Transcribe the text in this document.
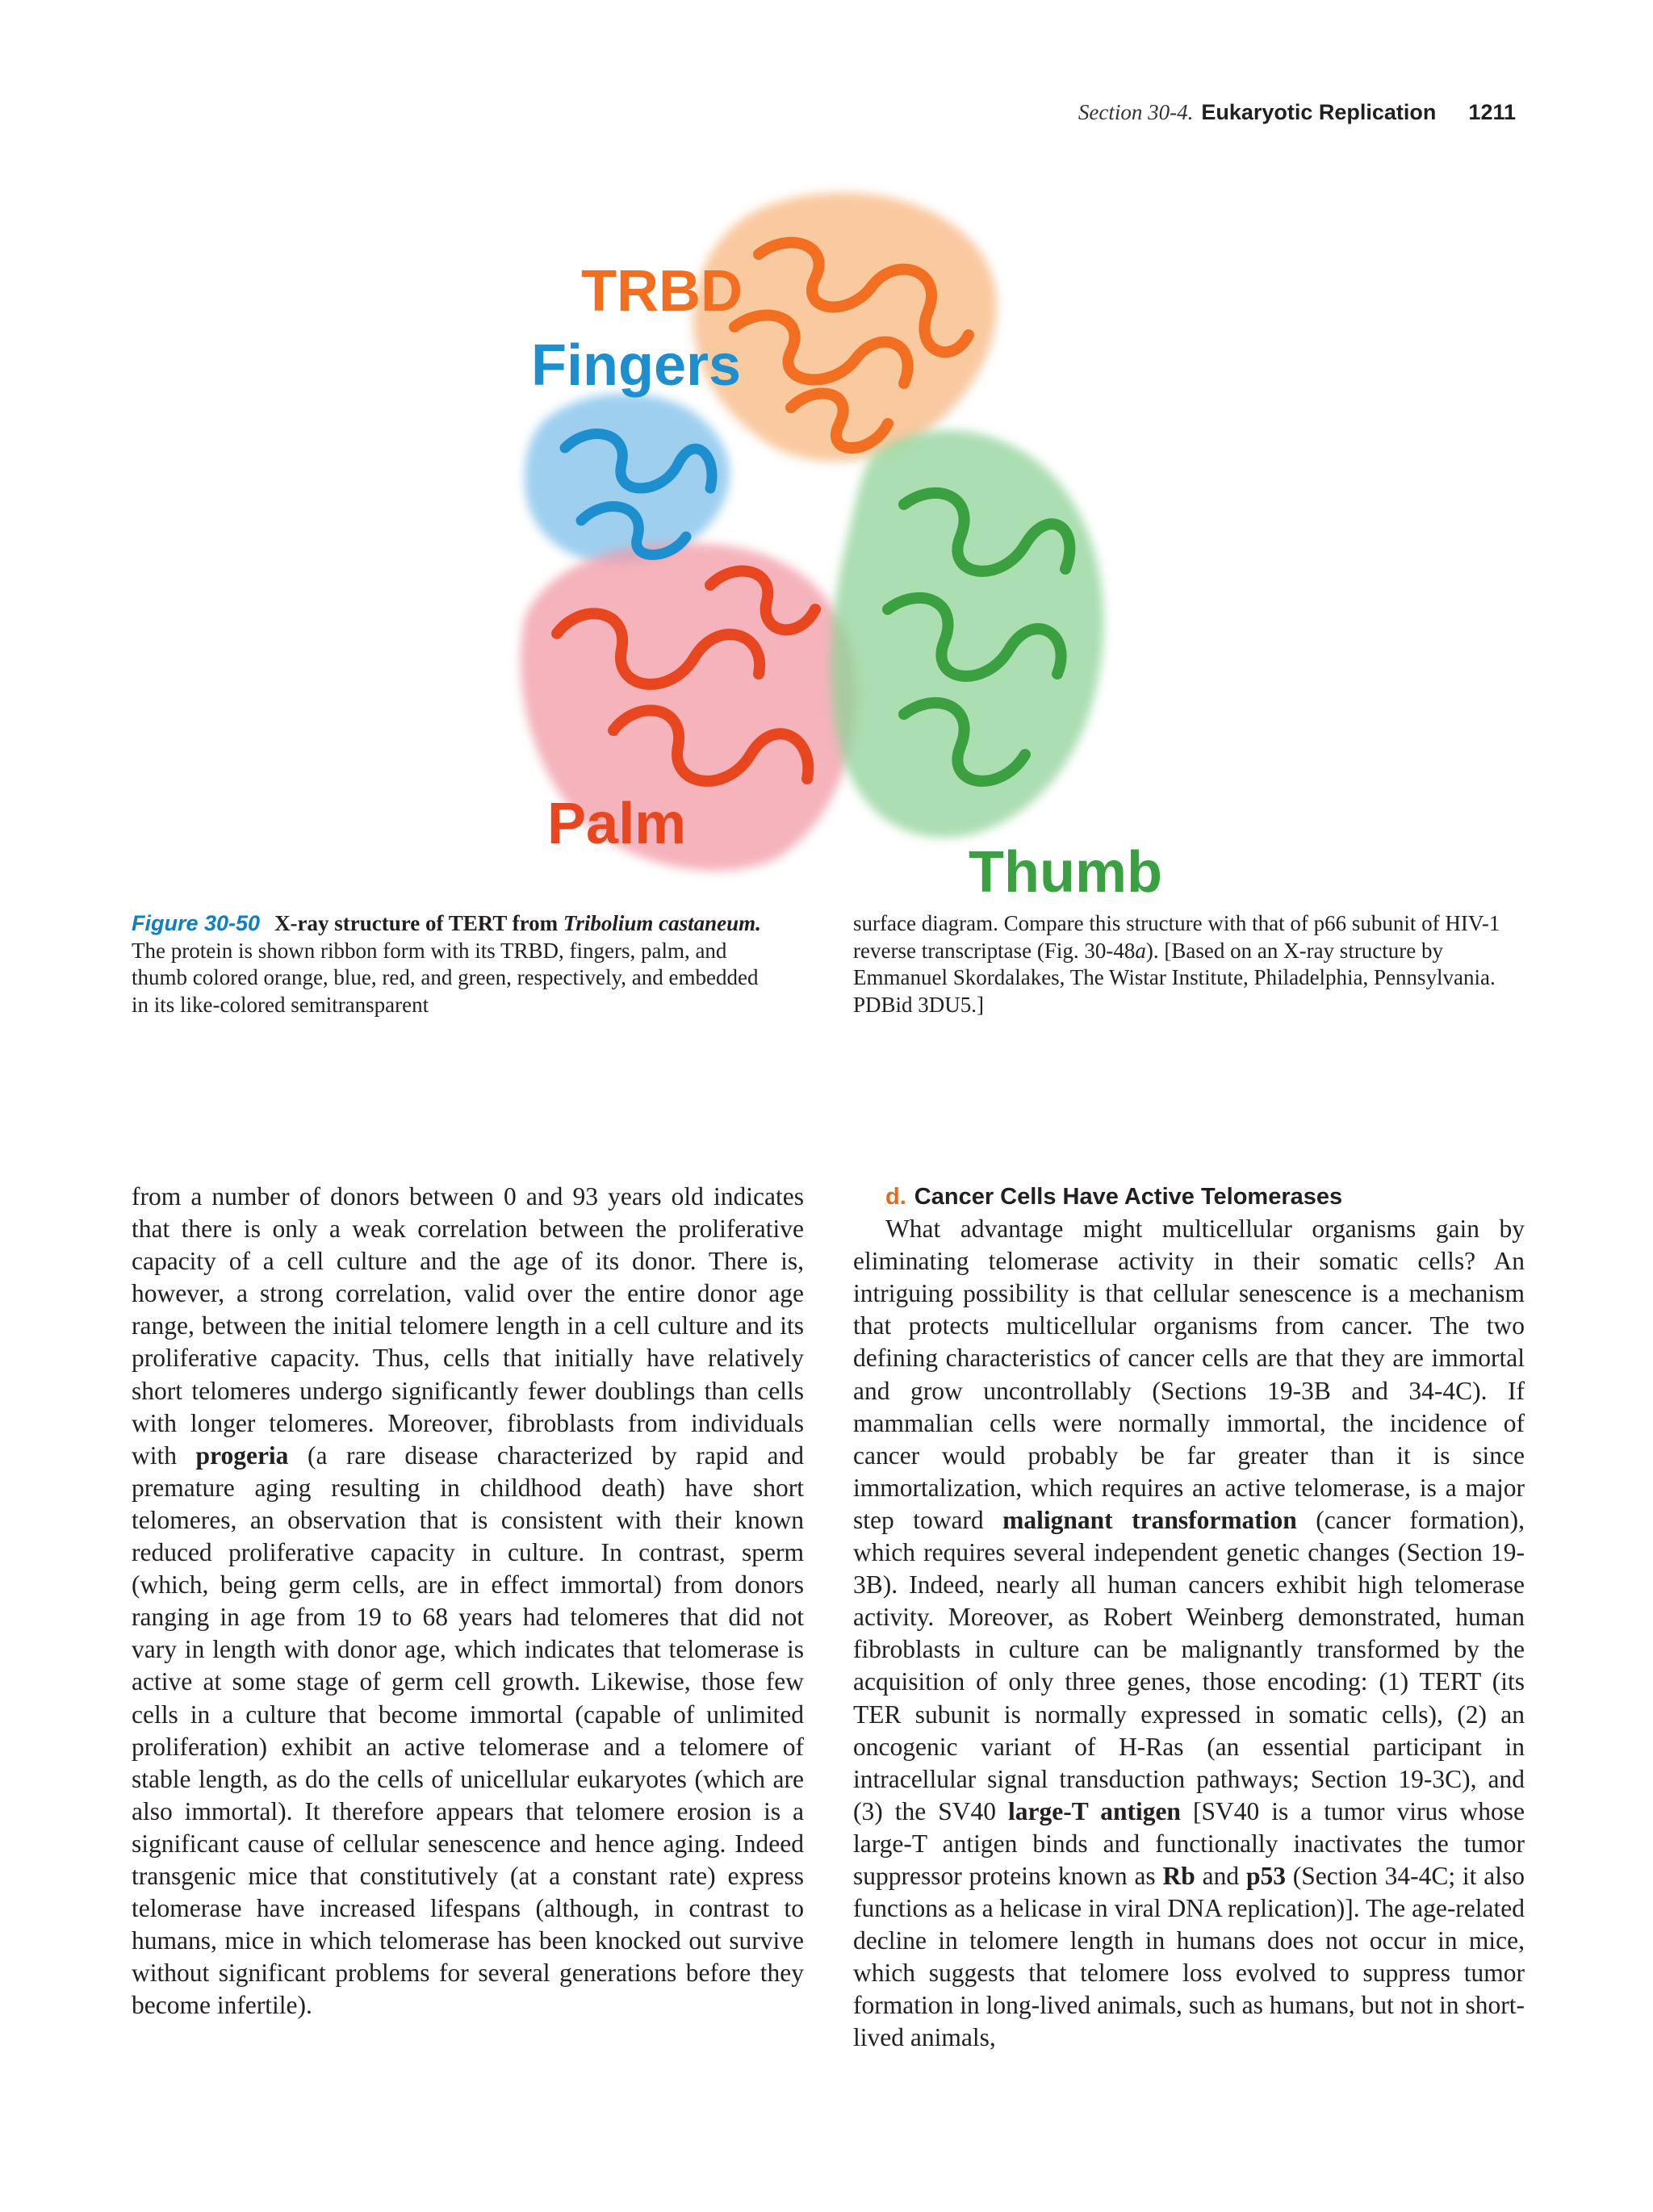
Section 30-4. Eukaryotic Replication 1211
TRBD
Fingers
Palm
Thumb
Figure 30-50 X-ray structure of TERT from Tribolium castaneum. The protein is shown ribbon form with its TRBD, fingers, palm, and thumb colored orange, blue, red, and green, respectively, and embedded in its like-colored semitransparent
surface diagram. Compare this structure with that of p66 subunit of HIV-1 reverse transcriptase (Fig. 30-48a). [Based on an X-ray structure by Emmanuel Skordalakes, The Wistar Institute, Philadelphia, Pennsylvania. PDBid 3DU5.]

from a number of donors between 0 and 93 years old indicates that there is only a weak correlation between the proliferative capacity of a cell culture and the age of its donor. There is, however, a strong correlation, valid over the entire donor age range, between the initial telomere length in a cell culture and its proliferative capacity. Thus, cells that initially have relatively short telomeres undergo significantly fewer doublings than cells with longer telomeres. Moreover, fibroblasts from individuals with progeria (a rare disease characterized by rapid and premature aging resulting in childhood death) have short telomeres, an observation that is consistent with their known reduced proliferative capacity in culture. In contrast, sperm (which, being germ cells, are in effect immortal) from donors ranging in age from 19 to 68 years had telomeres that did not vary in length with donor age, which indicates that telomerase is active at some stage of germ cell growth. Likewise, those few cells in a culture that become immortal (capable of unlimited proliferation) exhibit an active telomerase and a telomere of stable length, as do the cells of unicellular eukaryotes (which are also immortal). It therefore appears that telomere erosion is a significant cause of cellular senescence and hence aging. Indeed transgenic mice that constitutively (at a constant rate) express telomerase have increased lifespans (although, in contrast to humans, mice in which telomerase has been knocked out survive without significant problems for several generations before they become infertile).

d. Cancer Cells Have Active Telomerases

What advantage might multicellular organisms gain by eliminating telomerase activity in their somatic cells? An intriguing possibility is that cellular senescence is a mechanism that protects multicellular organisms from cancer. The two defining characteristics of cancer cells are that they are immortal and grow uncontrollably (Sections 19-3B and 34-4C). If mammalian cells were normally immortal, the incidence of cancer would probably be far greater than it is since immortalization, which requires an active telomerase, is a major step toward malignant transformation (cancer formation), which requires several independent genetic changes (Section 19-3B). Indeed, nearly all human cancers exhibit high telomerase activity. Moreover, as Robert Weinberg demonstrated, human fibroblasts in culture can be malignantly transformed by the acquisition of only three genes, those encoding: (1) TERT (its TER subunit is normally expressed in somatic cells), (2) an oncogenic variant of H-Ras (an essential participant in intracellular signal transduction pathways; Section 19-3C), and (3) the SV40 large-T antigen [SV40 is a tumor virus whose large-T antigen binds and functionally inactivates the tumor suppressor proteins known as Rb and p53 (Section 34-4C; it also functions as a helicase in viral DNA replication)]. The age-related decline in telomere length in humans does not occur in mice, which suggests that telomere loss evolved to suppress tumor formation in long-lived animals, such as humans, but not in short-lived animals,
